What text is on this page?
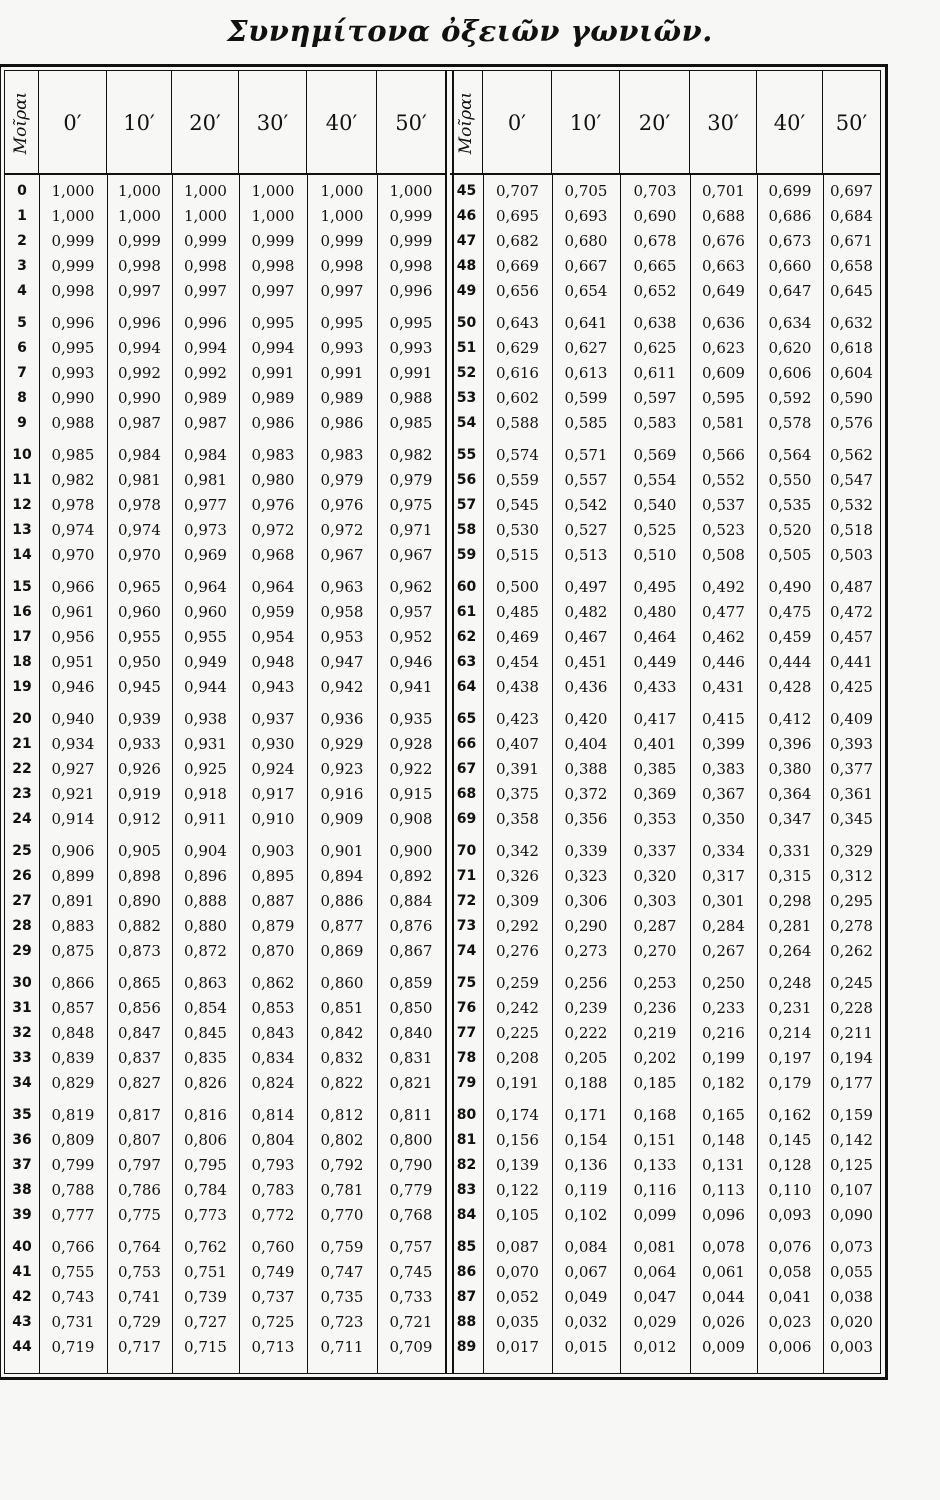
Συνημίτονα ὀξειῶν γωνιῶν.
Μοῖραι 0′ 10′ 20′ 30′ 40′ 50′
0	1,000	1,000	1,000	1,000	1,000	1,000
1	1,000	1,000	1,000	1,000	1,000	0,999
2	0,999	0,999	0,999	0,999	0,999	0,999
3	0,999	0,998	0,998	0,998	0,998	0,998
4	0,998	0,997	0,997	0,997	0,997	0,996
5	0,996	0,996	0,996	0,995	0,995	0,995
6	0,995	0,994	0,994	0,994	0,993	0,993
7	0,993	0,992	0,992	0,991	0,991	0,991
8	0,990	0,990	0,989	0,989	0,989	0,988
9	0,988	0,987	0,987	0,986	0,986	0,985
10	0,985	0,984	0,984	0,983	0,983	0,982
11	0,982	0,981	0,981	0,980	0,979	0,979
12	0,978	0,978	0,977	0,976	0,976	0,975
13	0,974	0,974	0,973	0,972	0,972	0,971
14	0,970	0,970	0,969	0,968	0,967	0,967
15	0,966	0,965	0,964	0,964	0,963	0,962
16	0,961	0,960	0,960	0,959	0,958	0,957
17	0,956	0,955	0,955	0,954	0,953	0,952
18	0,951	0,950	0,949	0,948	0,947	0,946
19	0,946	0,945	0,944	0,943	0,942	0,941
20	0,940	0,939	0,938	0,937	0,936	0,935
21	0,934	0,933	0,931	0,930	0,929	0,928
22	0,927	0,926	0,925	0,924	0,923	0,922
23	0,921	0,919	0,918	0,917	0,916	0,915
24	0,914	0,912	0,911	0,910	0,909	0,908
25	0,906	0,905	0,904	0,903	0,901	0,900
26	0,899	0,898	0,896	0,895	0,894	0,892
27	0,891	0,890	0,888	0,887	0,886	0,884
28	0,883	0,882	0,880	0,879	0,877	0,876
29	0,875	0,873	0,872	0,870	0,869	0,867
30	0,866	0,865	0,863	0,862	0,860	0,859
31	0,857	0,856	0,854	0,853	0,851	0,850
32	0,848	0,847	0,845	0,843	0,842	0,840
33	0,839	0,837	0,835	0,834	0,832	0,831
34	0,829	0,827	0,826	0,824	0,822	0,821
35	0,819	0,817	0,816	0,814	0,812	0,811
36	0,809	0,807	0,806	0,804	0,802	0,800
37	0,799	0,797	0,795	0,793	0,792	0,790
38	0,788	0,786	0,784	0,783	0,781	0,779
39	0,777	0,775	0,773	0,772	0,770	0,768
40	0,766	0,764	0,762	0,760	0,759	0,757
41	0,755	0,753	0,751	0,749	0,747	0,745
42	0,743	0,741	0,739	0,737	0,735	0,733
43	0,731	0,729	0,727	0,725	0,723	0,721
44	0,719	0,717	0,715	0,713	0,711	0,709
Μοῖραι 0′ 10′ 20′ 30′ 40′ 50′
45	0,707	0,705	0,703	0,701	0,699	0,697
46	0,695	0,693	0,690	0,688	0,686	0,684
47	0,682	0,680	0,678	0,676	0,673	0,671
48	0,669	0,667	0,665	0,663	0,660	0,658
49	0,656	0,654	0,652	0,649	0,647	0,645
50	0,643	0,641	0,638	0,636	0,634	0,632
51	0,629	0,627	0,625	0,623	0,620	0,618
52	0,616	0,613	0,611	0,609	0,606	0,604
53	0,602	0,599	0,597	0,595	0,592	0,590
54	0,588	0,585	0,583	0,581	0,578	0,576
55	0,574	0,571	0,569	0,566	0,564	0,562
56	0,559	0,557	0,554	0,552	0,550	0,547
57	0,545	0,542	0,540	0,537	0,535	0,532
58	0,530	0,527	0,525	0,523	0,520	0,518
59	0,515	0,513	0,510	0,508	0,505	0,503
60	0,500	0,497	0,495	0,492	0,490	0,487
61	0,485	0,482	0,480	0,477	0,475	0,472
62	0,469	0,467	0,464	0,462	0,459	0,457
63	0,454	0,451	0,449	0,446	0,444	0,441
64	0,438	0,436	0,433	0,431	0,428	0,425
65	0,423	0,420	0,417	0,415	0,412	0,409
66	0,407	0,404	0,401	0,399	0,396	0,393
67	0,391	0,388	0,385	0,383	0,380	0,377
68	0,375	0,372	0,369	0,367	0,364	0,361
69	0,358	0,356	0,353	0,350	0,347	0,345
70	0,342	0,339	0,337	0,334	0,331	0,329
71	0,326	0,323	0,320	0,317	0,315	0,312
72	0,309	0,306	0,303	0,301	0,298	0,295
73	0,292	0,290	0,287	0,284	0,281	0,278
74	0,276	0,273	0,270	0,267	0,264	0,262
75	0,259	0,256	0,253	0,250	0,248	0,245
76	0,242	0,239	0,236	0,233	0,231	0,228
77	0,225	0,222	0,219	0,216	0,214	0,211
78	0,208	0,205	0,202	0,199	0,197	0,194
79	0,191	0,188	0,185	0,182	0,179	0,177
80	0,174	0,171	0,168	0,165	0,162	0,159
81	0,156	0,154	0,151	0,148	0,145	0,142
82	0,139	0,136	0,133	0,131	0,128	0,125
83	0,122	0,119	0,116	0,113	0,110	0,107
84	0,105	0,102	0,099	0,096	0,093	0,090
85	0,087	0,084	0,081	0,078	0,076	0,073
86	0,070	0,067	0,064	0,061	0,058	0,055
87	0,052	0,049	0,047	0,044	0,041	0,038
88	0,035	0,032	0,029	0,026	0,023	0,020
89	0,017	0,015	0,012	0,009	0,006	0,003
